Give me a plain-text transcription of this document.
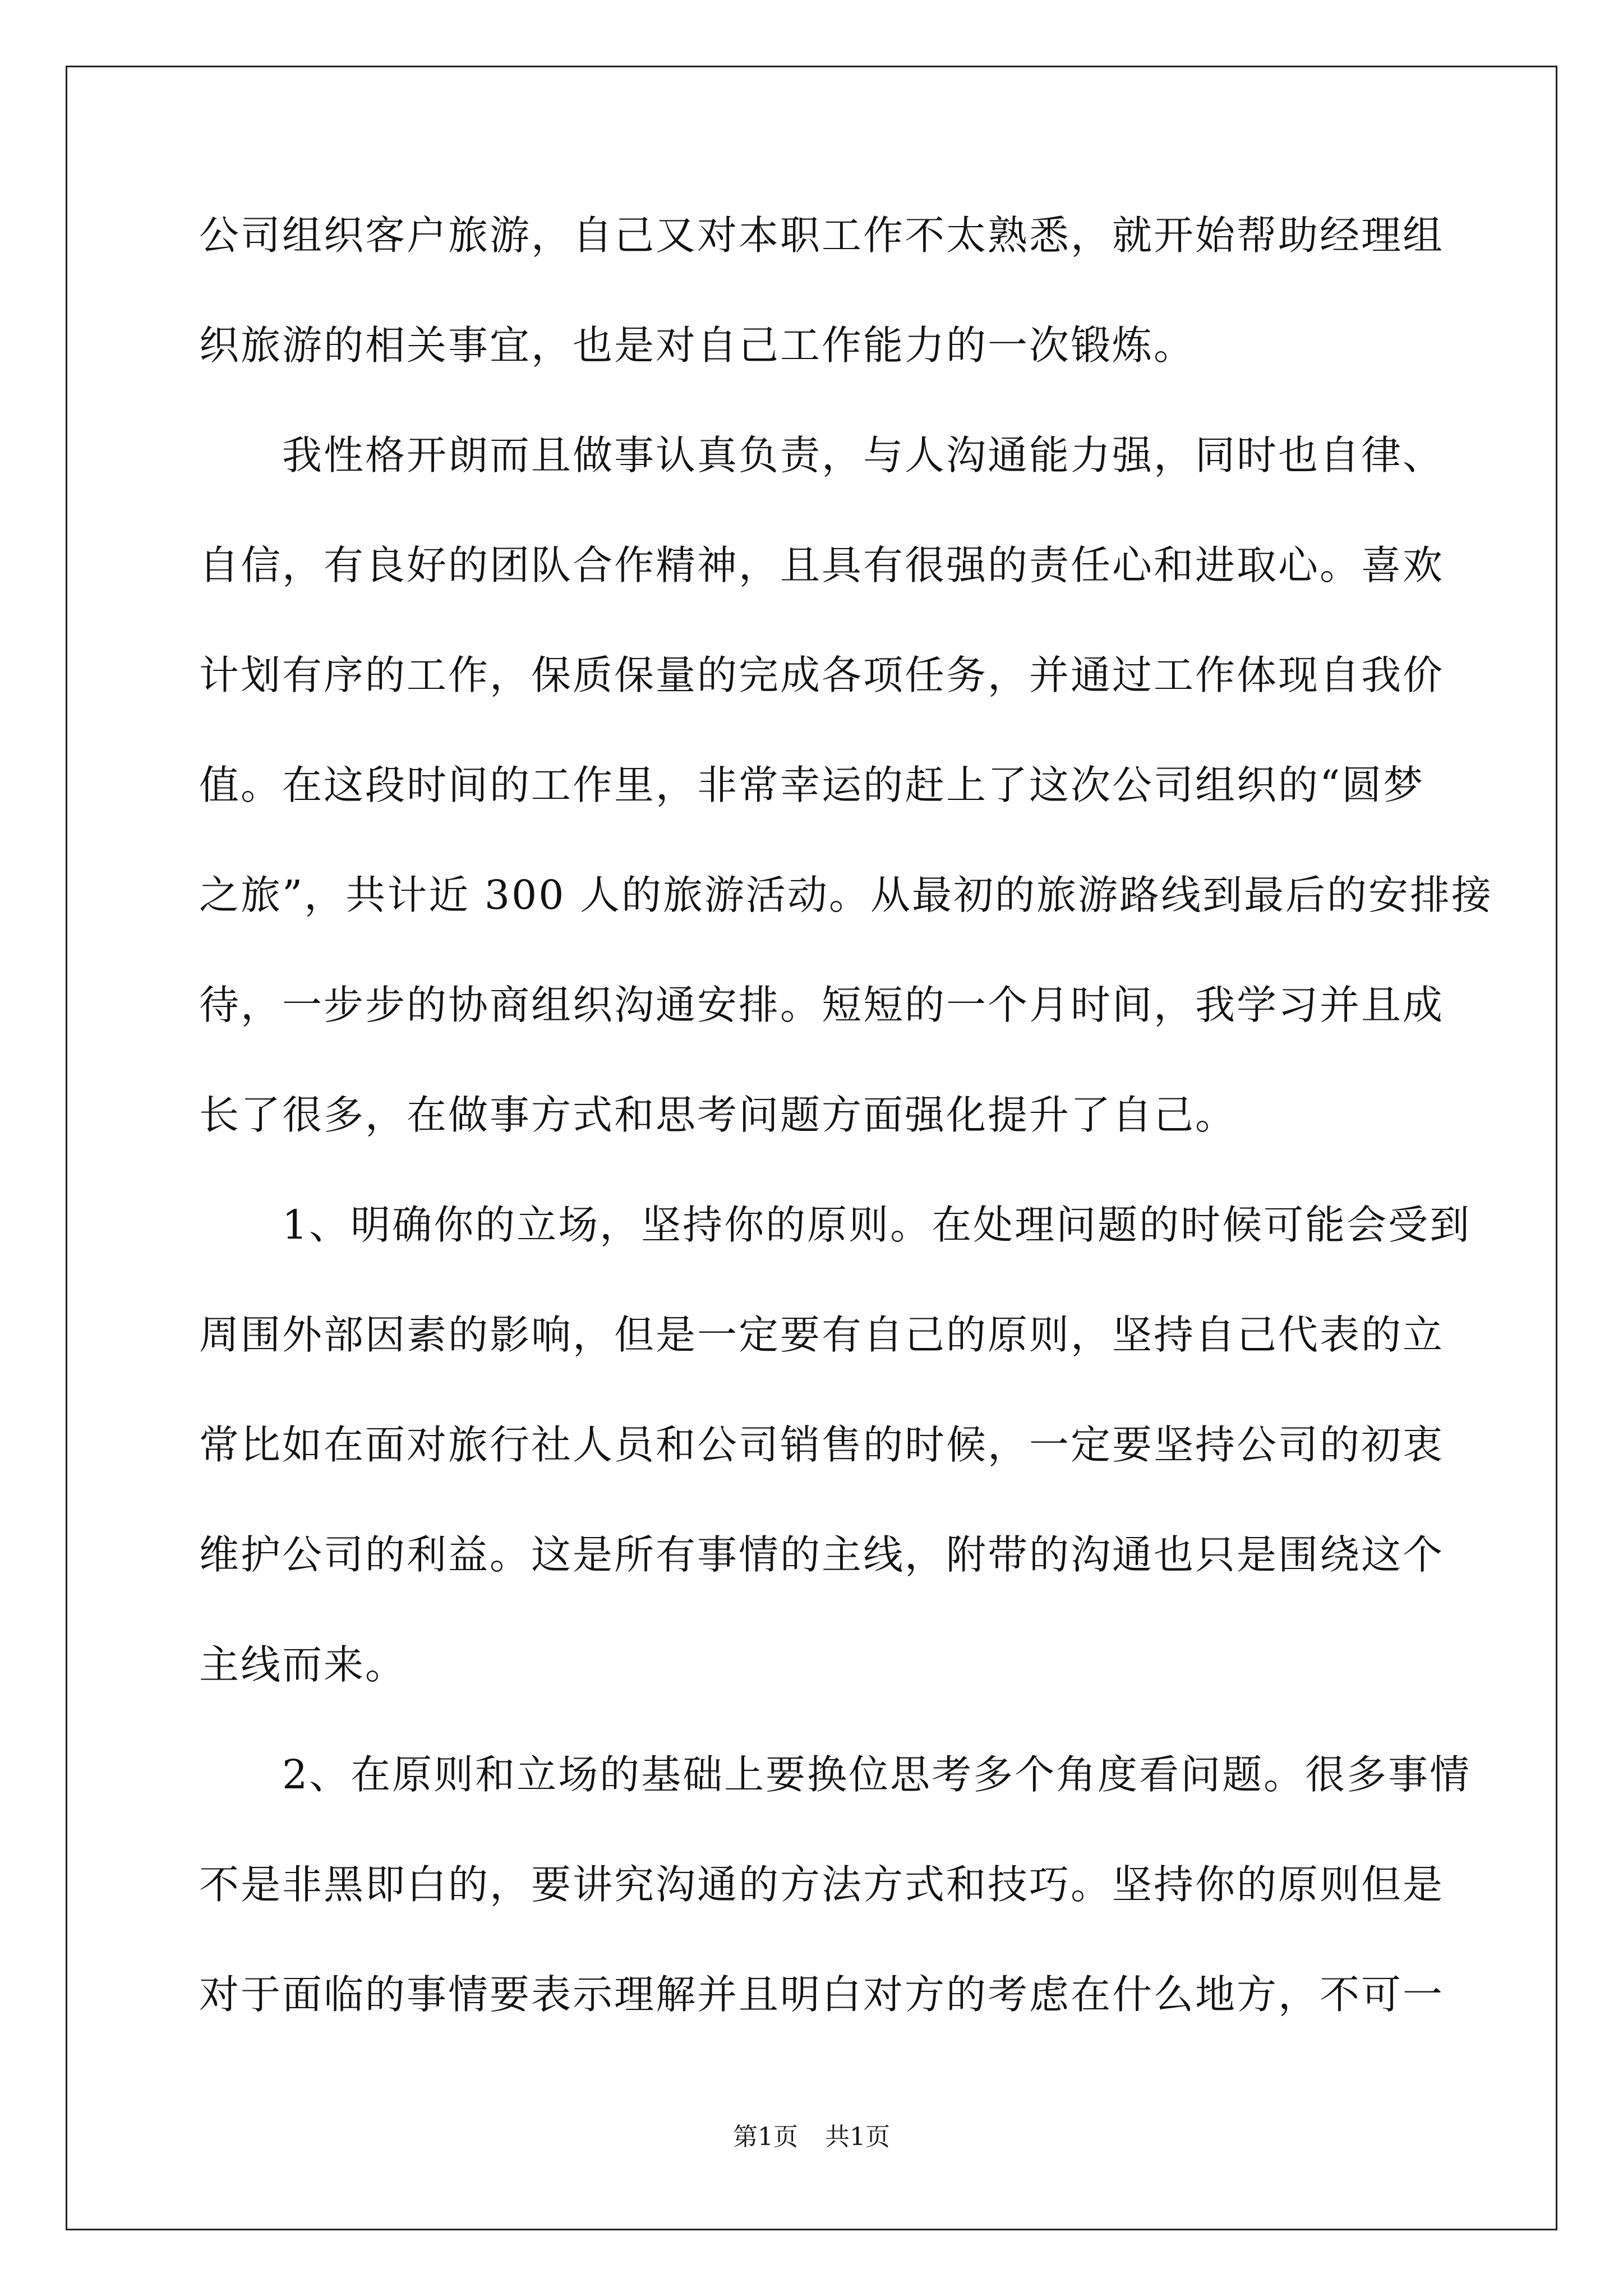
公司组织客户旅游，自己又对本职工作不太熟悉，就开始帮助经理组
织旅游的相关事宜，也是对自己工作能力的一次锻炼。
　　我性格开朗而且做事认真负责，与人沟通能力强，同时也自律、
自信，有良好的团队合作精神，且具有很强的责任心和进取心。喜欢
计划有序的工作，保质保量的完成各项任务，并通过工作体现自我价
值。在这段时间的工作里，非常幸运的赶上了这次公司组织的“圆梦
之旅”，共计近 300 人的旅游活动。从最初的旅游路线到最后的安排接
待，一步步的协商组织沟通安排。短短的一个月时间，我学习并且成
长了很多，在做事方式和思考问题方面强化提升了自己。
　　1、明确你的立场，坚持你的原则。在处理问题的时候可能会受到
周围外部因素的影响，但是一定要有自己的原则，坚持自己代表的立
常比如在面对旅行社人员和公司销售的时候，一定要坚持公司的初衷
维护公司的利益。这是所有事情的主线，附带的沟通也只是围绕这个
主线而来。
　　2、在原则和立场的基础上要换位思考多个角度看问题。很多事情
不是非黑即白的，要讲究沟通的方法方式和技巧。坚持你的原则但是
对于面临的事情要表示理解并且明白对方的考虑在什么地方，不可一
第1页 共1页
